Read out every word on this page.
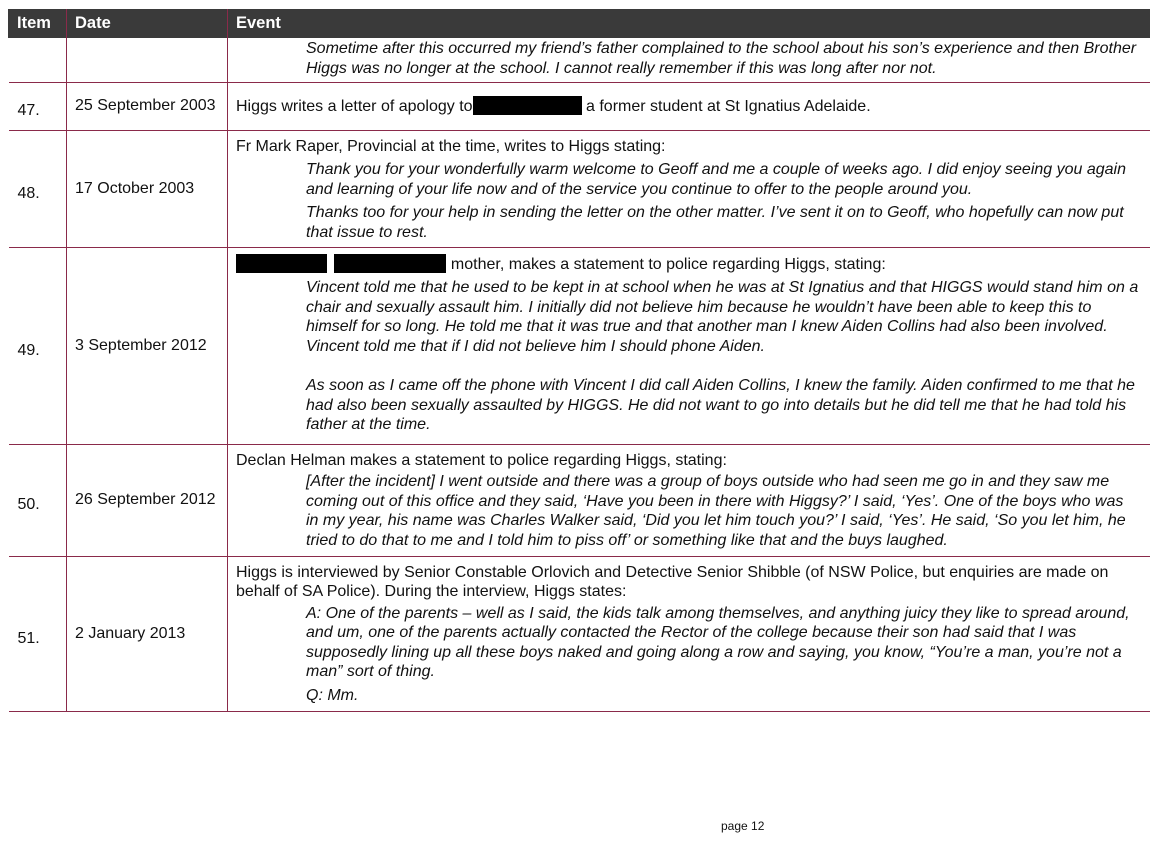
Item	Date	Event

		Sometime after this occurred my friend’s father complained to the school about his son’s experience and then Brother Higgs was no longer at the school. I cannot really remember if this was long after nor not.

47.	25 September 2003	Higgs writes a letter of apology to a former student at St Ignatius Adelaide.

48.	17 October 2003	Fr Mark Raper, Provincial at the time, writes to Higgs stating:

Thank you for your wonderfully warm welcome to Geoff and me a couple of weeks ago. I did enjoy seeing you again and learning of your life now and of the service you continue to offer to the people around you.

Thanks too for your help in sending the letter on the other matter. I’ve sent it on to Geoff, who hopefully can now put that issue to rest.

49.	3 September 2012	mother, makes a statement to police regarding Higgs, stating:

Vincent told me that he used to be kept in at school when he was at St Ignatius and that HIGGS would stand him on a chair and sexually assault him. I initially did not believe him because he wouldn’t have been able to keep this to himself for so long. He told me that it was true and that another man I knew Aiden Collins had also been involved. Vincent told me that if I did not believe him I should phone Aiden.

As soon as I came off the phone with Vincent I did call Aiden Collins, I knew the family. Aiden confirmed to me that he had also been sexually assaulted by HIGGS. He did not want to go into details but he did tell me that he had told his father at the time.

50.	26 September 2012	Declan Helman makes a statement to police regarding Higgs, stating:

[After the incident] I went outside and there was a group of boys outside who had seen me go in and they saw me coming out of this office and they said, ‘Have you been in there with Higgsy?’ I said, ‘Yes’. One of the boys who was in my year, his name was Charles Walker said, ‘Did you let him touch you?’ I said, ‘Yes’. He said, ‘So you let him, he tried to do that to me and I told him to piss off’ or something like that and the buys laughed.

51.	2 January 2013	Higgs is interviewed by Senior Constable Orlovich and Detective Senior Shibble (of NSW Police, but enquiries are made on behalf of SA Police). During the interview, Higgs states:

A: One of the parents – well as I said, the kids talk among themselves, and anything juicy they like to spread around, and um, one of the parents actually contacted the Rector of the college because their son had said that I was supposedly lining up all these boys naked and going along a row and saying, you know, “You’re a man, you’re not a man” sort of thing.

Q: Mm.

page 12
